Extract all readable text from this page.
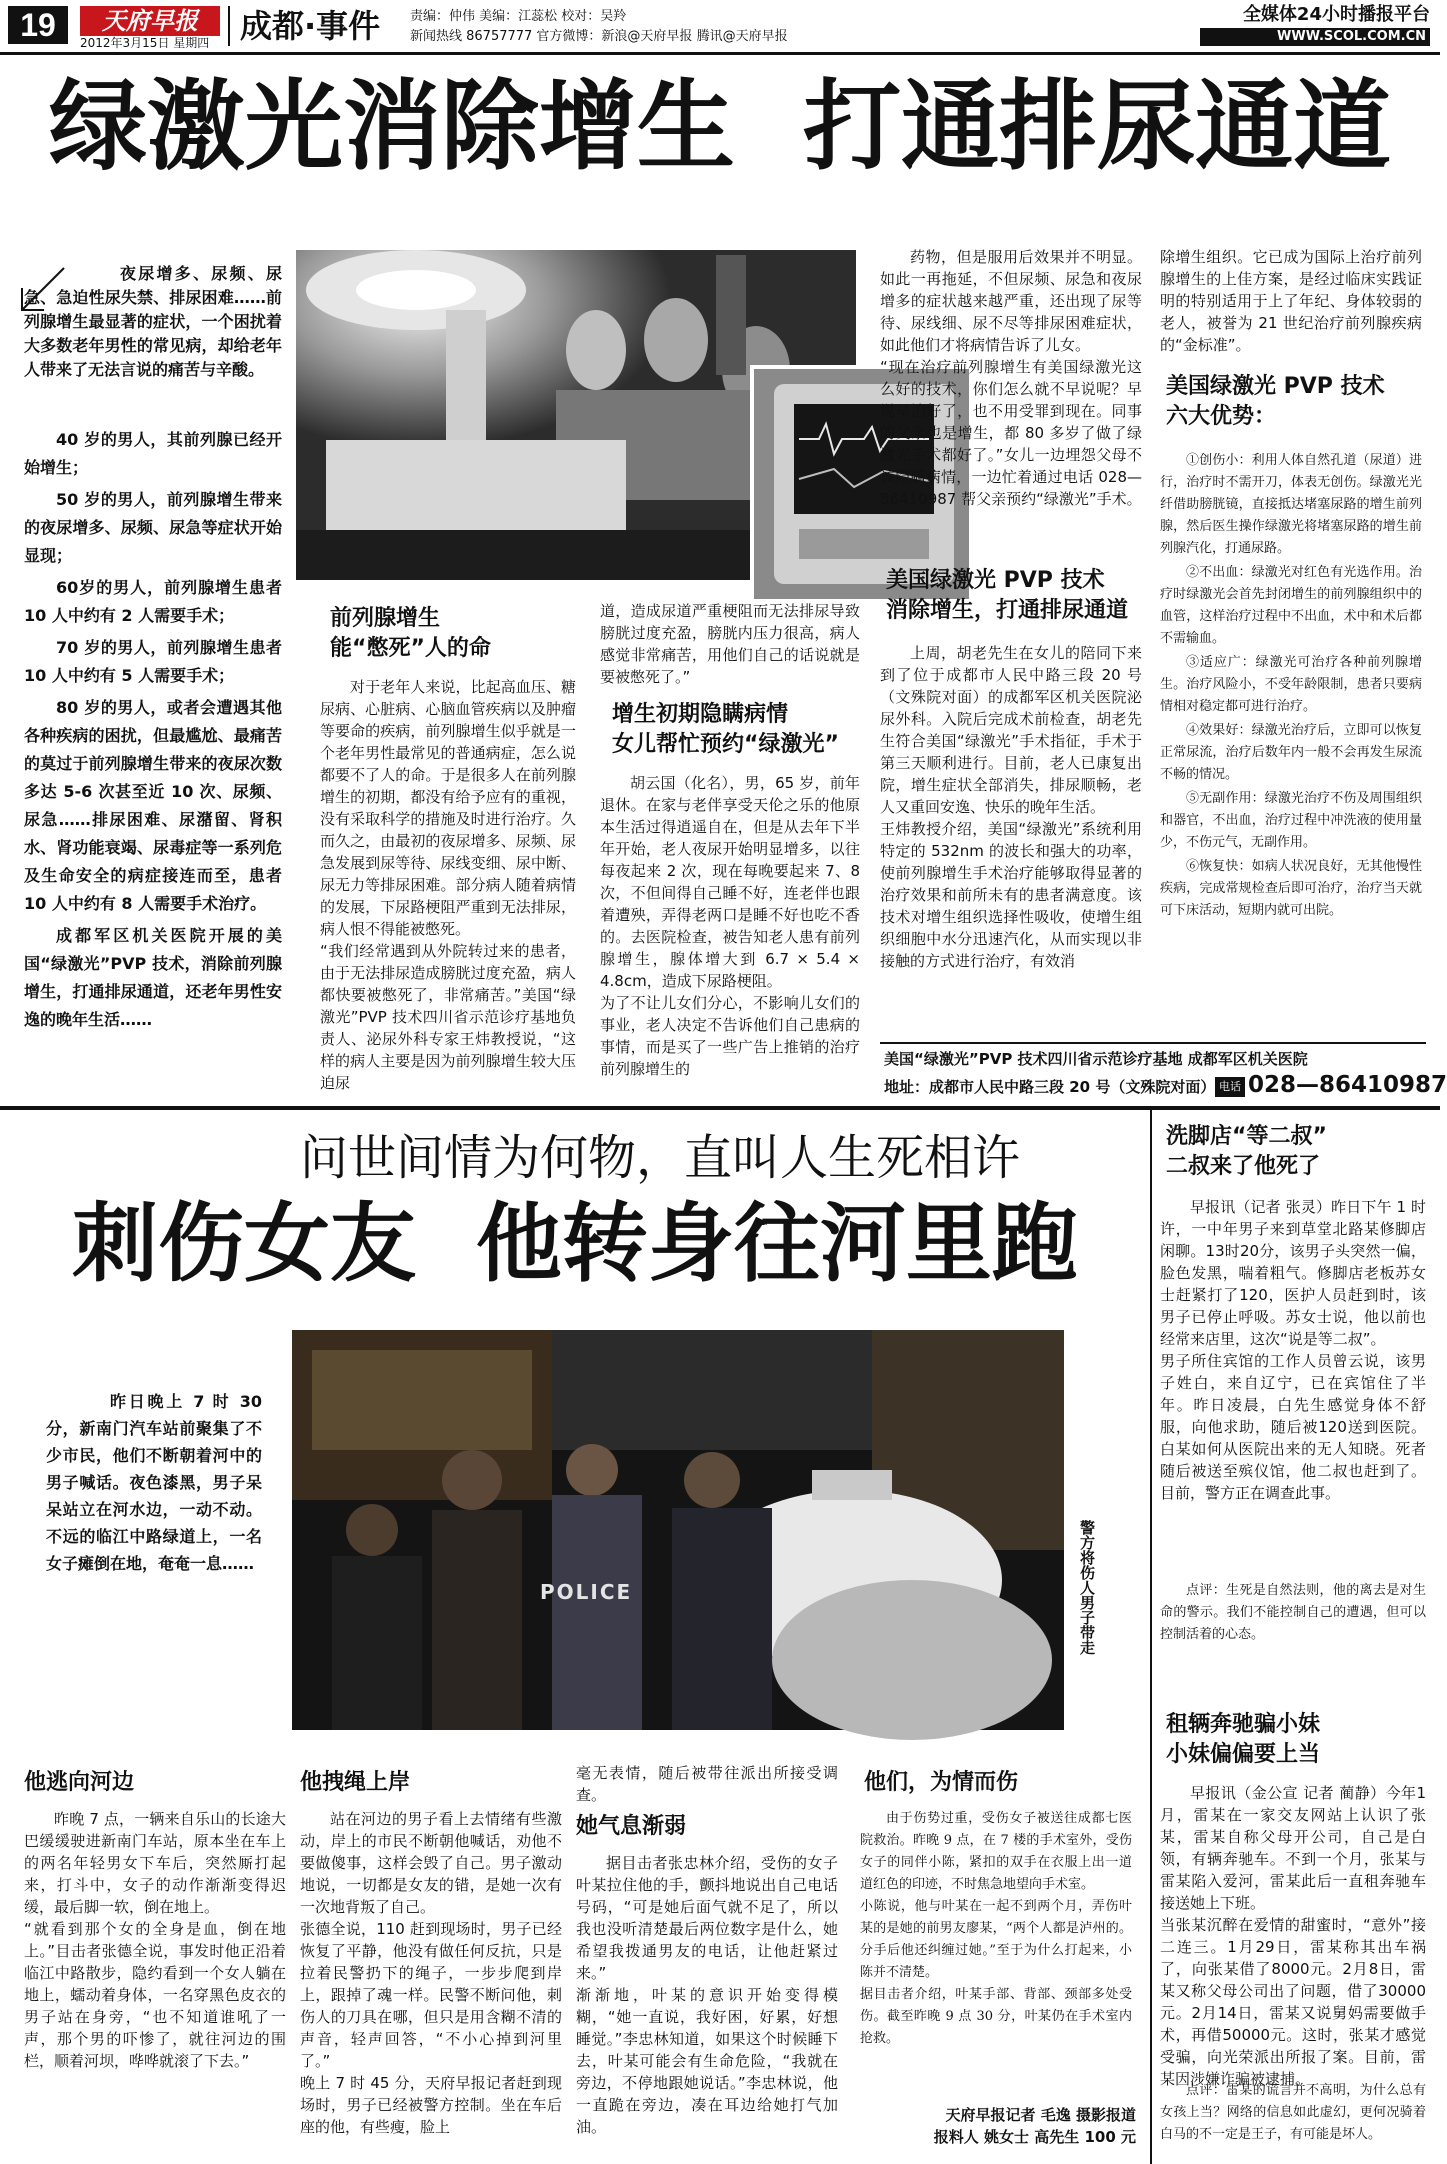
19	天府早报
2012年3月15日 星期四 成都·事件	责编：仲伟 美编：江蕊松 校对：吴羚
新闻热线 86757777 官方微博：新浪@天府早报 腾讯@天府早报
全媒体24小时播报平台
WWW.SCOL.COM.CN
绿激光消除增生  打通排尿通道
夜尿增多、尿频、尿急、急迫性尿失禁、排尿困难……前列腺增生最显著的症状，一个困扰着大多数老年男性的常见病，却给老年人带来了无法言说的痛苦与辛酸。

40 岁的男人，其前列腺已经开始增生；

50 岁的男人，前列腺增生带来的夜尿增多、尿频、尿急等症状开始显现；

60岁的男人，前列腺增生患者 10 人中约有 2 人需要手术；

70 岁的男人，前列腺增生患者 10 人中约有 5 人需要手术；

80 岁的男人，或者会遭遇其他各种疾病的困扰，但最尴尬、最痛苦的莫过于前列腺增生带来的夜尿次数多达 5-6 次甚至近 10 次、尿频、尿急……排尿困难、尿潴留、肾积水、肾功能衰竭、尿毒症等一系列危及生命安全的病症接连而至，患者 10 人中约有 8 人需要手术治疗。

成都军区机关医院开展的美国“绿激光”PVP 技术，消除前列腺增生，打通排尿通道，还老年男性安逸的晚年生活……

前列腺增生
能“憋死”人的命
对于老年人来说，比起高血压、糖尿病、心脏病、心脑血管疾病以及肿瘤等要命的疾病，前列腺增生似乎就是一个老年男性最常见的普通病症，怎么说都要不了人的命。于是很多人在前列腺增生的初期，都没有给予应有的重视，没有采取科学的措施及时进行治疗。久而久之，由最初的夜尿增多、尿频、尿急发展到尿等待、尿线变细、尿中断、尿无力等排尿困难。部分病人随着病情的发展，下尿路梗阻严重到无法排尿，病人恨不得能被憋死。
“我们经常遇到从外院转过来的患者，由于无法排尿造成膀胱过度充盈，病人都快要被憋死了，非常痛苦。”美国“绿激光”PVP 技术四川省示范诊疗基地负责人、泌尿外科专家王炜教授说，“这样的病人主要是因为前列腺增生较大压迫尿
道，造成尿道严重梗阻而无法排尿导致膀胱过度充盈，膀胱内压力很高，病人感觉非常痛苦，用他们自己的话说就是要被憋死了。”
增生初期隐瞒病情
女儿帮忙预约“绿激光”
胡云国（化名），男，65 岁，前年退休。在家与老伴享受天伦之乐的他原本生活过得逍遥自在，但是从去年下半年开始，老人夜尿开始明显增多，以往每夜起来 2 次，现在每晚要起来 7、8 次，不但间得自己睡不好，连老伴也跟着遭殃，弄得老两口是睡不好也吃不香的。去医院检查，被告知老人患有前列腺增生，腺体增大到 6.7 × 5.4 × 4.8cm，造成下尿路梗阻。
为了不让儿女们分心，不影响儿女们的事业，老人决定不告诉他们自己患病的事情，而是买了一些广告上推销的治疗前列腺增生的
药物，但是服用后效果并不明显。如此一再拖延，不但尿频、尿急和夜尿增多的症状越来越严重，还出现了尿等待、尿线细、尿不尽等排尿困难症状，如此他们才将病情告诉了儿女。
“现在治疗前列腺增生有美国绿激光这么好的技术，你们怎么就不早说呢？早说早治好了，也不用受罪到现在。同事的父亲也是增生，都 80 多岁了做了绿激光手术都好了。”女儿一边埋怨父母不该隐瞒病情，一边忙着通过电话 028—86410987 帮父亲预约“绿激光”手术。
美国绿激光 PVP 技术
消除增生，打通排尿通道
上周，胡老先生在女儿的陪同下来到了位于成都市人民中路三段 20 号（文殊院对面）的成都军区机关医院泌尿外科。入院后完成术前检查，胡老先生符合美国“绿激光”手术指征，手术于第三天顺利进行。目前，老人已康复出院，增生症状全部消失，排尿顺畅，老人又重回安逸、快乐的晚年生活。
王炜教授介绍，美国“绿激光”系统利用特定的 532nm 的波长和强大的功率，使前列腺增生手术治疗能够取得显著的治疗效果和前所未有的患者满意度。该技术对增生组织选择性吸收，使增生组织细胞中水分迅速汽化，从而实现以非接触的方式进行治疗，有效消
除增生组织。它已成为国际上治疗前列腺增生的上佳方案，是经过临床实践证明的特别适用于上了年纪、身体较弱的老人，被誉为 21 世纪治疗前列腺疾病的“金标准”。
美国绿激光 PVP 技术
六大优势：

①创伤小：利用人体自然孔道（尿道）进行，治疗时不需开刀，体表无创伤。绿激光光纤借助膀胱镜，直接抵达堵塞尿路的增生前列腺，然后医生操作绿激光将堵塞尿路的增生前列腺汽化，打通尿路。

②不出血：绿激光对红色有光选作用。治疗时绿激光会首先封闭增生的前列腺组织中的血管，这样治疗过程中不出血，术中和术后都不需输血。

③适应广：绿激光可治疗各种前列腺增生。治疗风险小，不受年龄限制，患者只要病情相对稳定都可进行治疗。

④效果好：绿激光治疗后，立即可以恢复正常尿流，治疗后数年内一般不会再发生尿流不畅的情况。

⑤无副作用：绿激光治疗不伤及周围组织和器官，不出血，治疗过程中冲洗液的使用量少，不伤元气，无副作用。

⑥恢复快：如病人状况良好，无其他慢性疾病，完成常规检查后即可治疗，治疗当天就可下床活动，短期内就可出院。

美国“绿激光”PVP 技术四川省示范诊疗基地 成都军区机关医院
地址：成都市人民中路三段 20 号（文殊院对面） 电话 028—86410987
问世间情为何物，直叫人生死相许
刺伤女友  他转身往河里跑
昨日晚上 7 时 30 分，新南门汽车站前聚集了不少市民，他们不断朝着河中的男子喊话。夜色漆黑，男子呆呆站立在河水边，一动不动。不远的临江中路绿道上，一名女子瘫倒在地，奄奄一息……
POLICE	警方将伤人男子带走
他逃向河边
昨晚 7 点，一辆来自乐山的长途大巴缓缓驶进新南门车站，原本坐在车上的两名年轻男女下车后，突然厮打起来，打斗中，女子的动作渐渐变得迟缓，最后脚一软，倒在地上。
“就看到那个女的全身是血，倒在地上。”目击者张德全说，事发时他正沿着临江中路散步，隐约看到一个女人躺在地上，蠕动着身体，一名穿黑色皮衣的男子站在身旁，“也不知道谁吼了一声，那个男的吓惨了，就往河边的围栏，顺着河坝，哗哗就滚了下去。”
他拽绳上岸
站在河边的男子看上去情绪有些激动，岸上的市民不断朝他喊话，劝他不要做傻事，这样会毁了自己。男子激动地说，一切都是女友的错，是她一次有一次地背叛了自己。
张德全说，110 赶到现场时，男子已经恢复了平静，他没有做任何反抗，只是拉着民警扔下的绳子，一步步爬到岸上，跟掉了魂一样。民警不断问他，刺伤人的刀具在哪，但只是用含糊不清的声音，轻声回答，“不小心掉到河里了。”
晚上 7 时 45 分，天府早报记者赶到现场时，男子已经被警方控制。坐在车后座的他，有些瘦，脸上
毫无表情，随后被带往派出所接受调查。
她气息渐弱
据目击者张忠林介绍，受伤的女子叶某拉住他的手，颤抖地说出自己电话号码，“可是她后面气就不足了，所以我也没听清楚最后两位数字是什么，她希望我拨通男友的电话，让他赶紧过来。”
渐渐地，叶某的意识开始变得模糊，“她一直说，我好困，好累，好想睡觉。”李忠林知道，如果这个时候睡下去，叶某可能会有生命危险，“我就在旁边，不停地跟她说话。”李忠林说，他一直跪在旁边，凑在耳边给她打气加油。
他们，为情而伤
由于伤势过重，受伤女子被送往成都七医院救治。昨晚 9 点，在 7 楼的手术室外，受伤女子的同伴小陈，紧扣的双手在衣服上出一道道红色的印迹，不时焦急地望向手术室。
小陈说，他与叶某在一起不到两个月，弄伤叶某的是她的前男友廖某，“两个人都是泸州的。分手后他还纠缠过她。”至于为什么打起来，小陈并不清楚。
据目击者介绍，叶某手部、背部、颈部多处受伤。截至昨晚 9 点 30 分，叶某仍在手术室内抢救。
天府早报记者 毛逸 摄影报道
报料人 姚女士 高先生 100 元
洗脚店“等二叔”
二叔来了他死了
早报讯（记者 张灵）昨日下午 1 时许，一中年男子来到草堂北路某修脚店闲聊。13时20分，该男子头突然一偏，脸色发黑，喘着粗气。修脚店老板苏女士赶紧打了120，医护人员赶到时，该男子已停止呼吸。苏女士说，他以前也经常来店里，这次“说是等二叔”。
男子所住宾馆的工作人员曾云说，该男子姓白，来自辽宁，已在宾馆住了半年。昨日凌晨，白先生感觉身体不舒服，向他求助，随后被120送到医院。白某如何从医院出来的无人知晓。死者随后被送至殡仪馆，他二叔也赶到了。目前，警方正在调查此事。
点评：生死是自然法则，他的离去是对生命的警示。我们不能控制自己的遭遇，但可以控制活着的心态。
租辆奔驰骗小妹
小妹偏偏要上当
早报讯（金公宣 记者 蔺静）今年1月，雷某在一家交友网站上认识了张某，雷某自称父母开公司，自己是白领，有辆奔驰车。不到一个月，张某与雷某陷入爱河，雷某此后一直租奔驰车接送她上下班。
当张某沉醉在爱情的甜蜜时，“意外”接二连三。1月29日，雷某称其出车祸了，向张某借了8000元。2月8日，雷某又称父母公司出了问题，借了30000元。2月14日，雷某又说舅妈需要做手术，再借50000元。这时，张某才感觉受骗，向光荣派出所报了案。目前，雷某因涉嫌诈骗被逮捕。
点评：雷某的谎言并不高明，为什么总有女孩上当？网络的信息如此虚幻，更何况骑着白马的不一定是王子，有可能是坏人。
